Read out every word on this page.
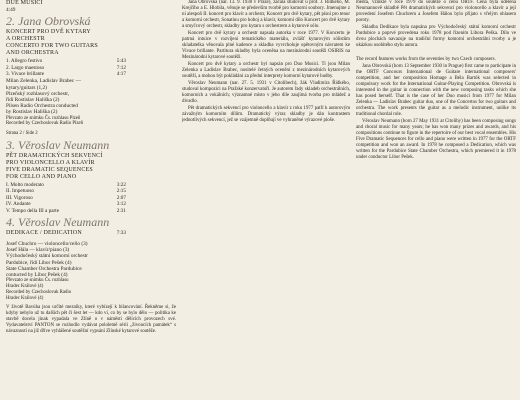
DUE MUSICI

4:49

2. Jana Obrovská

KONCERT PRO DVĚ KYTARY

A ORCHESTR

CONCERTO FOR TWO GUITARS

AND ORCHESTRA

1. Allegro festivo	5:43
2. Largo maestoso	7:12
3. Vivace brillante	4:17

Milan Zelenka, Ladislav Brabec —

kytary/guitars (1,2)

Plzeňský rozhlasový orchestr,

řídí Rostislav Hališka (2)

Pilsen Radio Orchestra conducted

by Rostislav Hališka (2)

Převzato ze snímku Čs. rozhlasu Plzeň

Recorded by Czechoslovak Radio Plzeň

Strana 2 / Side 2

3. Věroslav Neumann

PĚT DRAMATICKÝCH SEKVENCÍ

PRO VIOLONCELLO A KLAVÍR

FIVE DRAMATIC SEQUENCES

FOR CELLO AND PIANO

I. Molto moderato	3:22
II. Impetuoso	2:15
III. Vigoroso	2:07
IV. Andante	3:12
V. Tempo della III a parte	2:31
4. Věroslav Neumann
DEDIKACE / DEDICATION	7:33

Josef Chuchro — violoncello/cello (3)

Josef Hála — klavír/piano (3)

Východočeský státní komorní orchestr

Pardubice, řídí Libor Pešek (4)

State Chamber Orchestra Pardubice

contucted by Libor Pešek (4)

Převzato ze snímku Čs. rozhlasu

Hradec Králové (4)

Recorded by Czechoslovak Radio

Hradec Králové (4)

V životě Bavúha jsou určité mezníky, které vybízejí k bilancování. Řekněme si, že kdyby nebylo už tu dalších pět či šest let — kdo ví, co by se bylo dělo — politika ke stavbě docela jinak vypadala ve Zlíně o v náměstí dělících provozech své. Vydavatelství PANTON se rozhodlo vydávat pololetně sérii „živoucích památek“ s návazností na již dříve vyhlášené soutěžní vypsání Zlínské kytarové soutěže.

Jana Obrovská (nar. 13. 9. 1930 v Praze), začala studovat u prof. J. Řídkého, M. Krejčího a E. Hlobila, věnuje se především tvorbě pro komorní soubory. Jmenujme z ní alespoň II. koncert pro klavír a orchestr, Koncert pro dvě kytary, pět písní pro tenor a komorní orchestr, Sonatinu pro hoboj a klavír, komorní dílo Koncert pro dvě kytary a smyčcový orchestr, skladby pro kytaru s orchestrem a kytarové sólo.

Koncert pro dvě kytary a orchestr napsala autorka v roce 1977. V Koncertu je patrná intuice v rozvíjení tematického materiálu, zvlášť kytarovým sólistům skladatelka věnovala plné kadence a skladba vyvrcholuje opětovným návratem ke Vivace brillante. Partitura skladby byla oceněna na mezinárodní soutěži OSIRIS na Mezinárodní kytarové soutěži.

Koncert pro dvě kytary a orchestr byl napsán pro Duo Musici. Ti jsou Milan Zelenka a Ladislav Brabec, nositelé četných ocenění z mezinárodních kytarových soutěží, a mohou být pokládáni za přední interprety komorní kytarové hudby.

Věroslav Neumann (nar. 27. 5. 1931 v Citolibech), žák Vladimíra Řídkého, studoval kompozici na Pražské konzervatoři. Je autorem řady skladeb orchestrálních, komorních a vokálních; významné místo v jeho díle zaujímá tvorba pro mládež a divadlo.

Pět dramatických sekvencí pro violoncello a klavír z roku 1977 patří k autorovým závažným komorním dílům. Dramatický výraz skladby je dán kontrastem jednotlivých sekvencí, jež se vzájemně doplňují ve vyhraněné výrazové ploše.

menta, vzniklé v roce 1979 do soutěže o cenu ORTF. Cena byla udělena Neumannově skladbě Pět dramatických sekvencí pro violoncello a klavír a její provedení Josefem Chuchrem a Josefem Hálou bylo přijato s vřelým ohlasem poroty.

Skladba Dedikace byla napsána pro Východočeský státní komorní orchestr Pardubice a poprvé provedena roku 1978 pod řízením Libora Peška. Dílo ve dvou plochách navazuje na tradiční formy komorní orchestrální tvorby a je ukázkou osobitého stylu autora.

The record features works from the seventies by two Czech composers.

Jana Obrovská (born 13 September 1930 in Prague) first came to participate in the ORTF Concours International de Guitare international composers' competition, and her composition Homage a Béla Bartók was selected in compulsory work for the International Guitar-Playing Competition. Obrovská is interested in the guitar in connection with the new composing tasks which she has posed herself. That is the case of her Duo musici from 1977 for Milan Zelenka — Ladislav Brabec guitar duo, one of the Concertos for two guitars and orchestra. The work presents the guitar as a melodic instrument, unlike its traditional chordal role.

Věroslav Neumann (born 27 May 1931 at Citoliby) has been composing songs and choral music for many years; he has won many prizes and awards, and his compositions continue to figure in the repertoire of our best vocal ensembles. His Five Dramatic Sequences for cello and piano were written in 1977 for the ORTF competition and won an award. In 1978 he composed a Dedication, which was written for the Pardubice State Chamber Orchestra, which premiered it in 1978 under conductor Libor Pešek.
